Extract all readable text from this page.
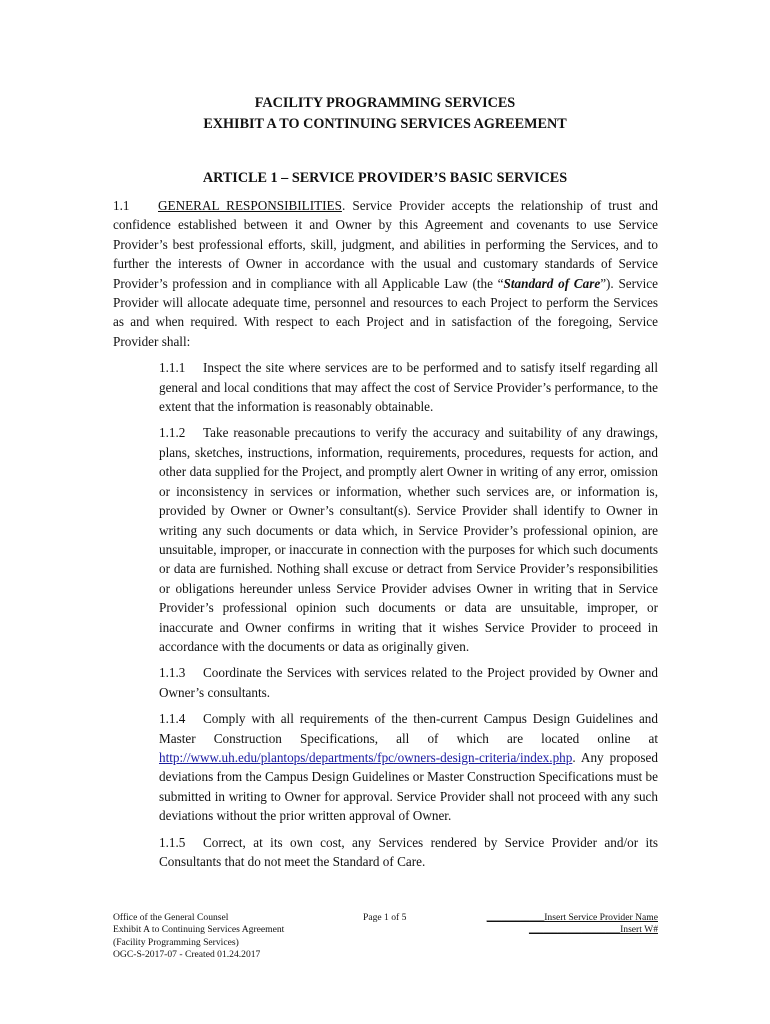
FACILITY PROGRAMMING SERVICES
EXHIBIT A TO CONTINUING SERVICES AGREEMENT
ARTICLE 1 – SERVICE PROVIDER’S BASIC SERVICES

1.1 GENERAL RESPONSIBILITIES. Service Provider accepts the relationship of trust and confidence established between it and Owner by this Agreement and covenants to use Service Provider’s best professional efforts, skill, judgment, and abilities in performing the Services, and to further the interests of Owner in accordance with the usual and customary standards of Service Provider’s profession and in compliance with all Applicable Law (the “Standard of Care”). Service Provider will allocate adequate time, personnel and resources to each Project to perform the Services as and when required. With respect to each Project and in satisfaction of the foregoing, Service Provider shall:

1.1.1 Inspect the site where services are to be performed and to satisfy itself regarding all general and local conditions that may affect the cost of Service Provider’s performance, to the extent that the information is reasonably obtainable.

1.1.2 Take reasonable precautions to verify the accuracy and suitability of any drawings, plans, sketches, instructions, information, requirements, procedures, requests for action, and other data supplied for the Project, and promptly alert Owner in writing of any error, omission or inconsistency in services or information, whether such services are, or information is, provided by Owner or Owner’s consultant(s). Service Provider shall identify to Owner in writing any such documents or data which, in Service Provider’s professional opinion, are unsuitable, improper, or inaccurate in connection with the purposes for which such documents or data are furnished. Nothing shall excuse or detract from Service Provider’s responsibilities or obligations hereunder unless Service Provider advises Owner in writing that in Service Provider’s professional opinion such documents or data are unsuitable, improper, or inaccurate and Owner confirms in writing that it wishes Service Provider to proceed in accordance with the documents or data as originally given.

1.1.3 Coordinate the Services with services related to the Project provided by Owner and Owner’s consultants.

1.1.4 Comply with all requirements of the then-current Campus Design Guidelines and Master Construction Specifications, all of which are located online at http://www.uh.edu/plantops/departments/fpc/owners-design-criteria/index.php. Any proposed deviations from the Campus Design Guidelines or Master Construction Specifications must be submitted in writing to Owner for approval. Service Provider shall not proceed with any such deviations without the prior written approval of Owner.

1.1.5 Correct, at its own cost, any Services rendered by Service Provider and/or its Consultants that do not meet the Standard of Care.

Office of the General Counsel
Exhibit A to Continuing Services Agreement
(Facility Programming Services)
OGC-S-2017-07 - Created 01.24.2017
Page 1 of 5	____________Insert Service Provider Name
___________________Insert W#
